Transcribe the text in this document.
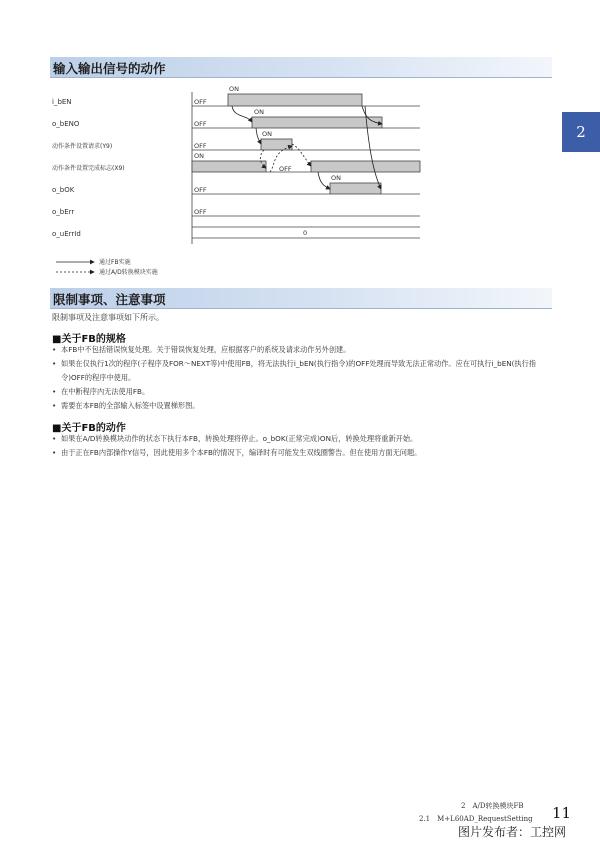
输入输出信号的动作
2
i_bEN
o_bENO
动作条件设置请求(Y9)
动作条件设置完成标志(X9)
o_bOK
o_bErr
o_uErrId
ON
OFF
ON
OFF
ON
OFF
ON
OFF
ON
OFF
OFF
0
通过FB实施
通过A/D转换模块实施
限制事项、注意事项
限制事项及注意事项如下所示。
■关于FB的规格
• 本FB中不包括错误恢复处理。关于错误恢复处理，应根据客户的系统及请求动作另外创建。
• 如果在仅执行1次的程序(子程序及FOR～NEXT等)中使用FB，将无法执行i_bEN(执行指令)的OFF处理而导致无法正常动作。应在可执行i_bEN(执行指令)OFF的程序中使用。
• 在中断程序内无法使用FB。
• 需要在本FB的全部输入标签中设置梯形图。
■关于FB的动作
• 如果在A/D转换模块动作的状态下执行本FB，转换处理将停止。o_bOK(正常完成)ON后，转换处理将重新开始。
• 由于正在FB内部操作Y信号，因此使用多个本FB的情况下，编译时有可能发生双线圈警告。但在使用方面无问题。
2　A/D转换模块FB
2.1　M+L60AD_RequestSetting 11
图片发布者：工控网
